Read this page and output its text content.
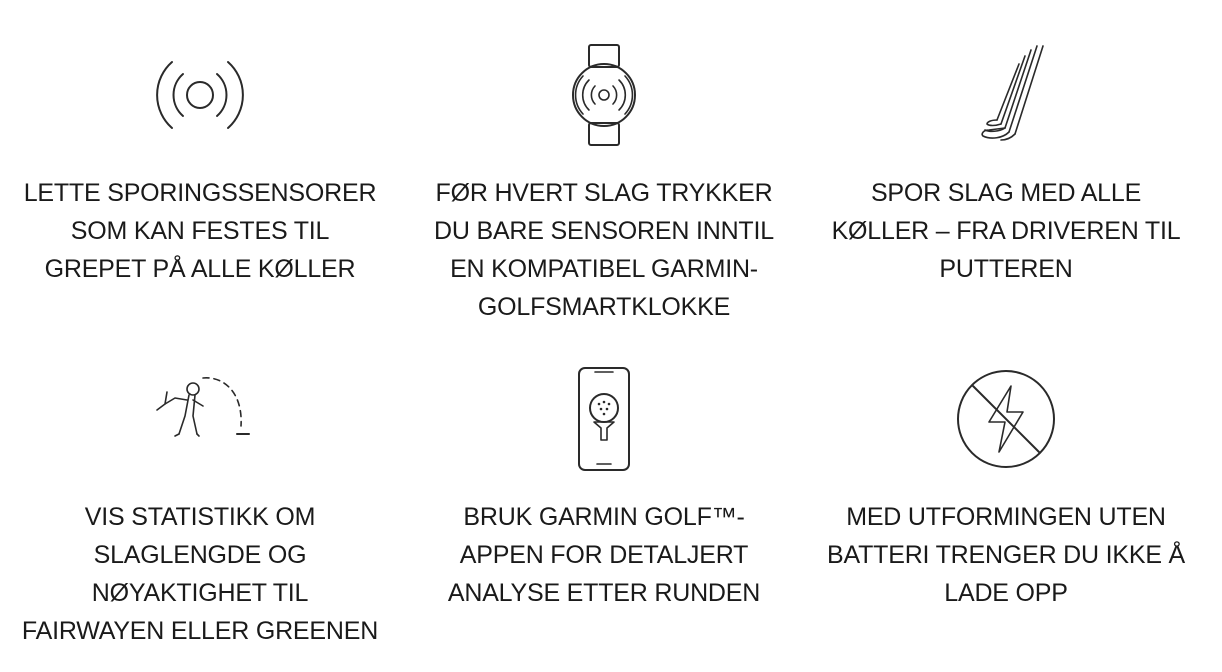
LETTE SPORINGSSENSORER
SOM KAN FESTES TIL
GREPET PÅ ALLE KØLLER
FØR HVERT SLAG TRYKKER
DU BARE SENSOREN INNTIL
EN KOMPATIBEL GARMIN-
GOLFSMARTKLOKKE
SPOR SLAG MED ALLE
KØLLER – FRA DRIVEREN TIL
PUTTEREN
VIS STATISTIKK OM
SLAGLENGDE OG
NØYAKTIGHET TIL
FAIRWAYEN ELLER GREENEN
BRUK GARMIN GOLF™-
APPEN FOR DETALJERT
ANALYSE ETTER RUNDEN
MED UTFORMINGEN UTEN
BATTERI TRENGER DU IKKE Å
LADE OPP
